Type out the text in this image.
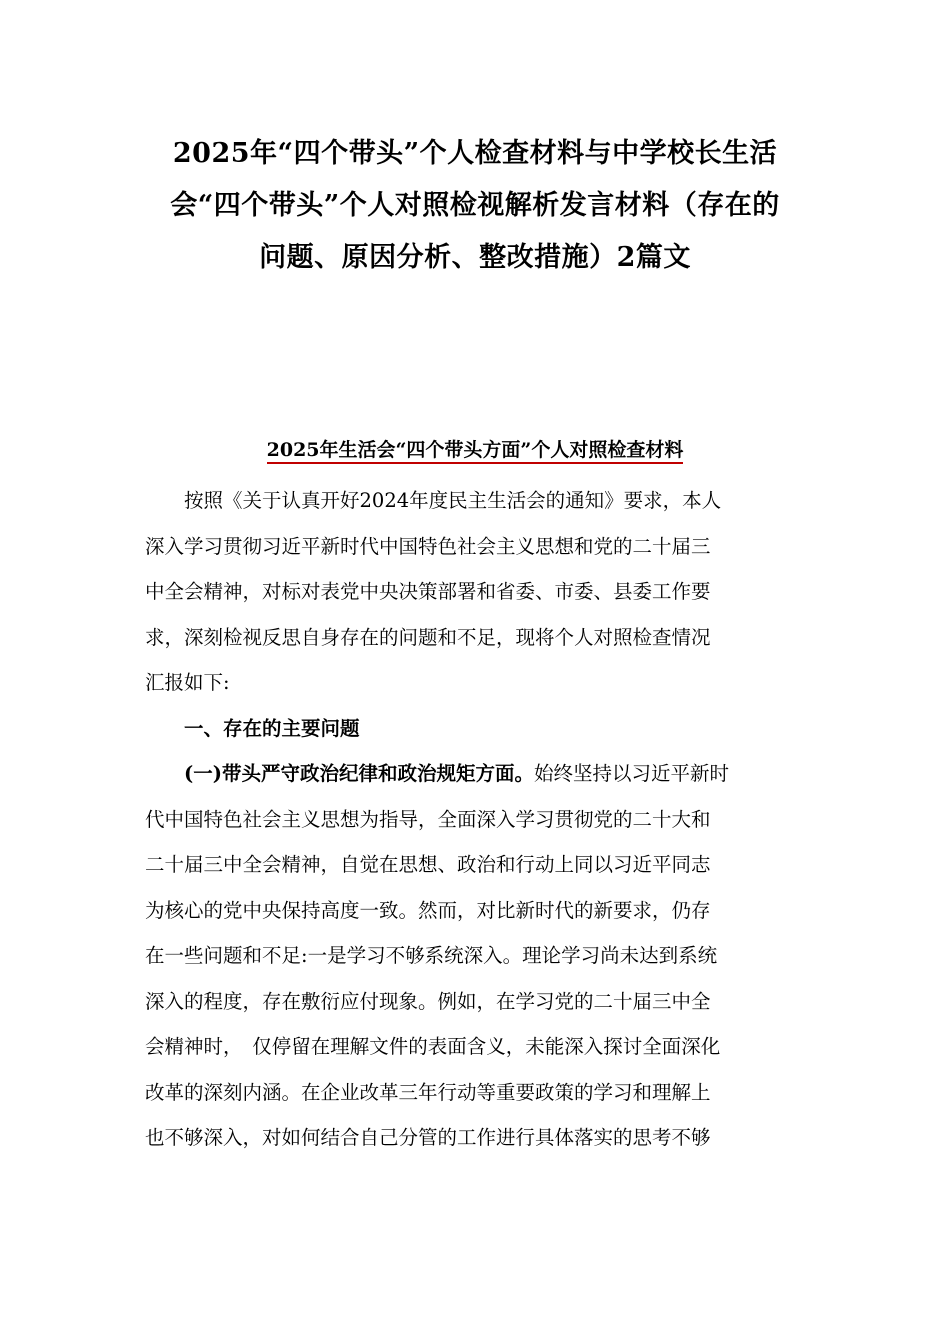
2025年“四个带头”个人检查材料与中学校长生活
会“四个带头”个人对照检视解析发言材料（存在的
问题、原因分析、整改措施）2篇文
2025年生活会“四个带头方面”个人对照检查材料
按照《关于认真开好2024年度民主生活会的通知》要求，本人
深入学习贯彻习近平新时代中国特色社会主义思想和党的二十届三
中全会精神，对标对表党中央决策部署和省委、市委、县委工作要
求，深刻检视反思自身存在的问题和不足，现将个人对照检查情况
汇报如下:
一、存在的主要问题
(一)带头严守政治纪律和政治规矩方面。始终坚持以习近平新时
代中国特色社会主义思想为指导，全面深入学习贯彻党的二十大和
二十届三中全会精神，自觉在思想、政治和行动上同以习近平同志
为核心的党中央保持高度一致。然而，对比新时代的新要求，仍存
在一些问题和不足:一是学习不够系统深入。理论学习尚未达到系统
深入的程度，存在敷衍应付现象。例如，在学习党的二十届三中全
会精神时，　仅停留在理解文件的表面含义，未能深入探讨全面深化
改革的深刻内涵。在企业改革三年行动等重要政策的学习和理解上
也不够深入，对如何结合自己分管的工作进行具体落实的思考不够
